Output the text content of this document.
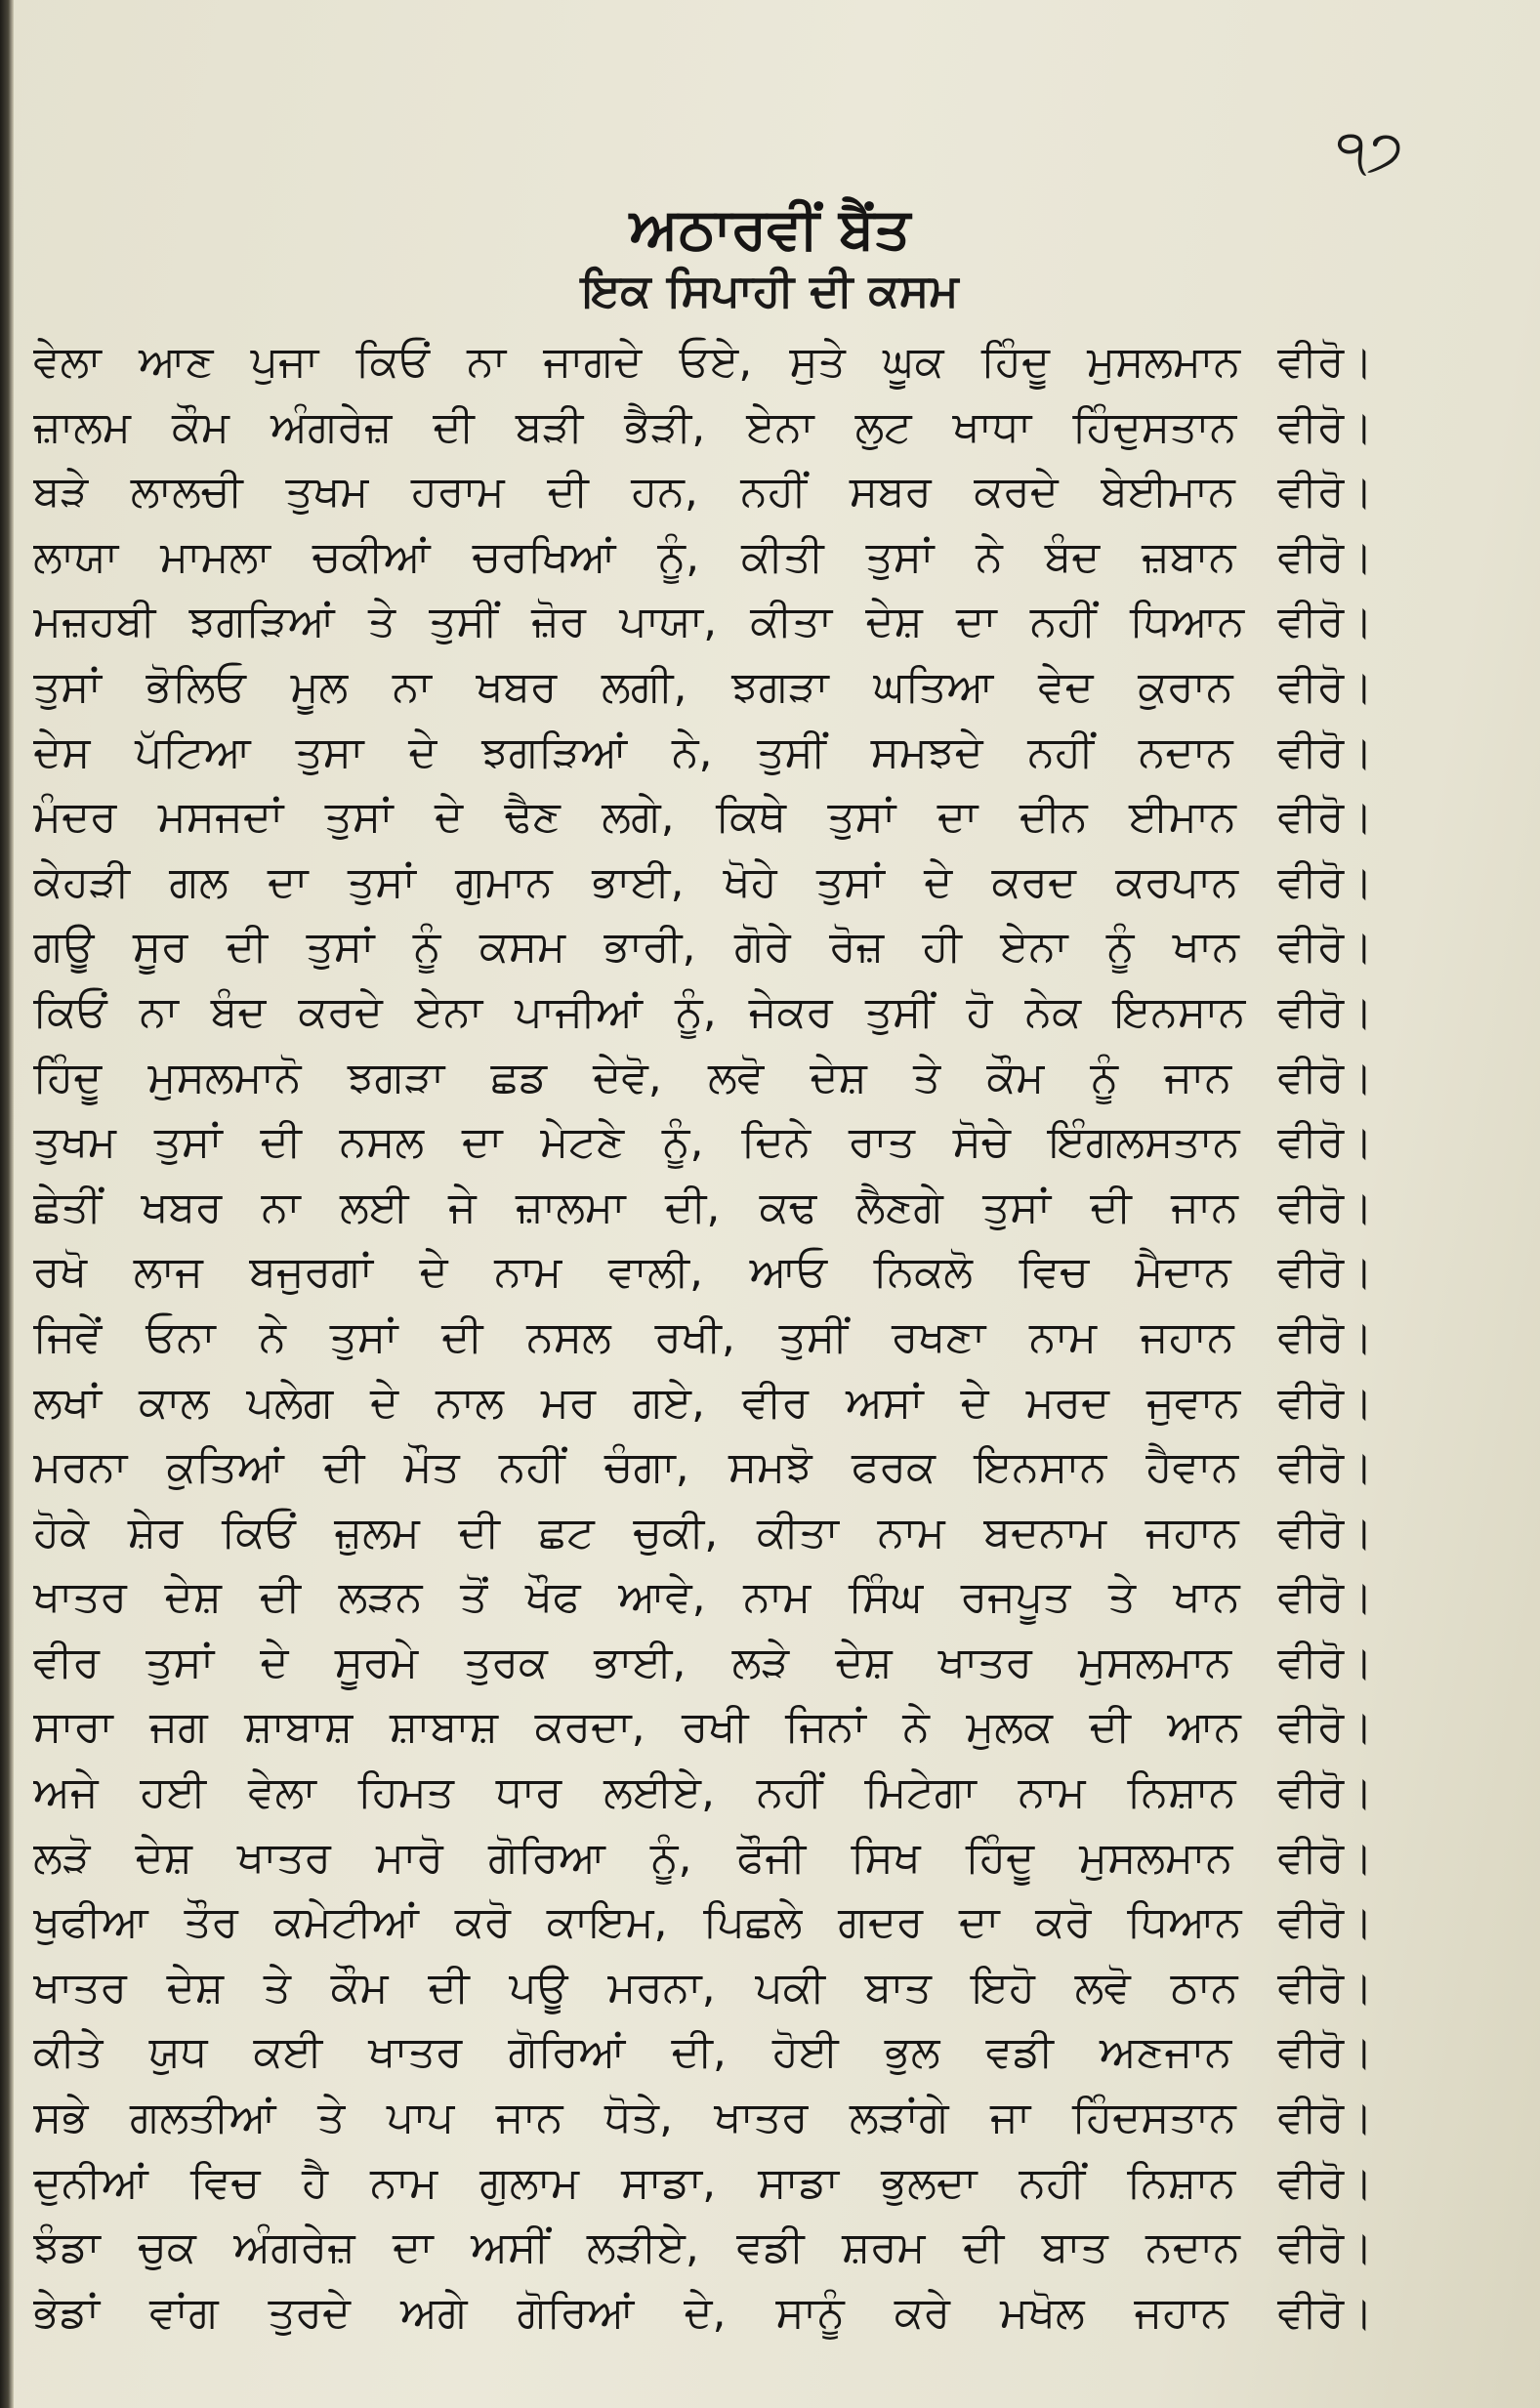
੧੭
ਅਠਾਰਵੀਂ ਬੈਂਤ
ਇਕ ਸਿਪਾਹੀ ਦੀ ਕਸਮ
ਵੇਲਾ ਆਣ ਪੁਜਾ ਕਿਓਂ ਨਾ ਜਾਗਦੇ ਓਏ, ਸੁਤੇ ਘੂਕ ਹਿੰਦੂ ਮੁਸਲਮਾਨ ਵੀਰੋ।
ਜ਼ਾਲਮ ਕੌਮ ਅੰਗਰੇਜ਼ ਦੀ ਬੜੀ ਭੈੜੀ, ਏਨਾ ਲੁਟ ਖਾਧਾ ਹਿੰਦੁਸਤਾਨ ਵੀਰੋ।
ਬੜੇ ਲਾਲਚੀ ਤੁਖਮ ਹਰਾਮ ਦੀ ਹਨ, ਨਹੀਂ ਸਬਰ ਕਰਦੇ ਬੇਈਮਾਨ ਵੀਰੋ।
ਲਾਯਾ ਮਾਮਲਾ ਚਕੀਆਂ ਚਰਖਿਆਂ ਨੂੰ, ਕੀਤੀ ਤੁਸਾਂ ਨੇ ਬੰਦ ਜ਼ਬਾਨ ਵੀਰੋ।
ਮਜ਼ਹਬੀ ਝਗੜਿਆਂ ਤੇ ਤੁਸੀਂ ਜ਼ੋਰ ਪਾਯਾ, ਕੀਤਾ ਦੇਸ਼ ਦਾ ਨਹੀਂ ਧਿਆਨ ਵੀਰੋ।
ਤੁਸਾਂ ਭੋਲਿਓ ਮੂਲ ਨਾ ਖਬਰ ਲਗੀ, ਝਗੜਾ ਘਤਿਆ ਵੇਦ ਕੁਰਾਨ ਵੀਰੋ।
ਦੇਸ ਪੱਟਿਆ ਤੁਸਾ ਦੇ ਝਗੜਿਆਂ ਨੇ, ਤੁਸੀਂ ਸਮਝਦੇ ਨਹੀਂ ਨਦਾਨ ਵੀਰੋ।
ਮੰਦਰ ਮਸਜਦਾਂ ਤੁਸਾਂ ਦੇ ਢੈਣ ਲਗੇ, ਕਿਥੇ ਤੁਸਾਂ ਦਾ ਦੀਨ ਈਮਾਨ ਵੀਰੋ।
ਕੇਹੜੀ ਗਲ ਦਾ ਤੁਸਾਂ ਗੁਮਾਨ ਭਾਈ, ਖੋਹੇ ਤੁਸਾਂ ਦੇ ਕਰਦ ਕਰਪਾਨ ਵੀਰੋ।
ਗਊ ਸੂਰ ਦੀ ਤੁਸਾਂ ਨੂੰ ਕਸਮ ਭਾਰੀ, ਗੋਰੇ ਰੋਜ਼ ਹੀ ਏਨਾ ਨੂੰ ਖਾਨ ਵੀਰੋ।
ਕਿਓਂ ਨਾ ਬੰਦ ਕਰਦੇ ਏਨਾ ਪਾਜੀਆਂ ਨੂੰ, ਜੇਕਰ ਤੁਸੀਂ ਹੋ ਨੇਕ ਇਨਸਾਨ ਵੀਰੋ।
ਹਿੰਦੂ ਮੁਸਲਮਾਨੋ ਝਗੜਾ ਛਡ ਦੇਵੋ, ਲਵੋ ਦੇਸ਼ ਤੇ ਕੌਮ ਨੂੰ ਜਾਨ ਵੀਰੋ।
ਤੁਖਮ ਤੁਸਾਂ ਦੀ ਨਸਲ ਦਾ ਮੇਟਣੇ ਨੂੰ, ਦਿਨੇ ਰਾਤ ਸੋਚੇ ਇੰਗਲਸਤਾਨ ਵੀਰੋ।
ਛੇਤੀਂ ਖਬਰ ਨਾ ਲਈ ਜੇ ਜ਼ਾਲਮਾ ਦੀ, ਕਢ ਲੈਣਗੇ ਤੁਸਾਂ ਦੀ ਜਾਨ ਵੀਰੋ।
ਰਖੋ ਲਾਜ ਬਜੁਰਗਾਂ ਦੇ ਨਾਮ ਵਾਲੀ, ਆਓ ਨਿਕਲੋ ਵਿਚ ਮੈਦਾਨ ਵੀਰੋ।
ਜਿਵੇਂ ਓਨਾ ਨੇ ਤੁਸਾਂ ਦੀ ਨਸਲ ਰਖੀ, ਤੁਸੀਂ ਰਖਣਾ ਨਾਮ ਜਹਾਨ ਵੀਰੋ।
ਲਖਾਂ ਕਾਲ ਪਲੇਗ ਦੇ ਨਾਲ ਮਰ ਗਏ, ਵੀਰ ਅਸਾਂ ਦੇ ਮਰਦ ਜੁਵਾਨ ਵੀਰੋ।
ਮਰਨਾ ਕੁਤਿਆਂ ਦੀ ਮੌਤ ਨਹੀਂ ਚੰਗਾ, ਸਮਝੋ ਫਰਕ ਇਨਸਾਨ ਹੈਵਾਨ ਵੀਰੋ।
ਹੋਕੇ ਸ਼ੇਰ ਕਿਓਂ ਜ਼ੁਲਮ ਦੀ ਛਟ ਚੁਕੀ, ਕੀਤਾ ਨਾਮ ਬਦਨਾਮ ਜਹਾਨ ਵੀਰੋ।
ਖਾਤਰ ਦੇਸ਼ ਦੀ ਲੜਨ ਤੋਂ ਖੌਫ ਆਵੇ, ਨਾਮ ਸਿੰਘ ਰਜਪੂਤ ਤੇ ਖਾਨ ਵੀਰੋ।
ਵੀਰ ਤੁਸਾਂ ਦੇ ਸੂਰਮੇ ਤੁਰਕ ਭਾਈ, ਲੜੇ ਦੇਸ਼ ਖਾਤਰ ਮੁਸਲਮਾਨ ਵੀਰੋ।
ਸਾਰਾ ਜਗ ਸ਼ਾਬਾਸ਼ ਸ਼ਾਬਾਸ਼ ਕਰਦਾ, ਰਖੀ ਜਿਨਾਂ ਨੇ ਮੁਲਕ ਦੀ ਆਨ ਵੀਰੋ।
ਅਜੇ ਹਈ ਵੇਲਾ ਹਿਮਤ ਧਾਰ ਲਈਏ, ਨਹੀਂ ਮਿਟੇਗਾ ਨਾਮ ਨਿਸ਼ਾਨ ਵੀਰੋ।
ਲੜੋ ਦੇਸ਼ ਖਾਤਰ ਮਾਰੋ ਗੋਰਿਆ ਨੂੰ, ਫੌਜੀ ਸਿਖ ਹਿੰਦੂ ਮੁਸਲਮਾਨ ਵੀਰੋ।
ਖੁਫੀਆ ਤੌਰ ਕਮੇਟੀਆਂ ਕਰੋ ਕਾਇਮ, ਪਿਛਲੇ ਗਦਰ ਦਾ ਕਰੋ ਧਿਆਨ ਵੀਰੋ।
ਖਾਤਰ ਦੇਸ਼ ਤੇ ਕੌਮ ਦੀ ਪਊ ਮਰਨਾ, ਪਕੀ ਬਾਤ ਇਹੋ ਲਵੋ ਠਾਨ ਵੀਰੋ।
ਕੀਤੇ ਯੁਧ ਕਈ ਖਾਤਰ ਗੋਰਿਆਂ ਦੀ, ਹੋਈ ਭੁਲ ਵਡੀ ਅਣਜਾਨ ਵੀਰੋ।
ਸਭੇ ਗਲਤੀਆਂ ਤੇ ਪਾਪ ਜਾਨ ਧੋਤੇ, ਖਾਤਰ ਲੜਾਂਗੇ ਜਾ ਹਿੰਦਸਤਾਨ ਵੀਰੋ।
ਦੁਨੀਆਂ ਵਿਚ ਹੈ ਨਾਮ ਗੁਲਾਮ ਸਾਡਾ, ਸਾਡਾ ਭੁਲਦਾ ਨਹੀਂ ਨਿਸ਼ਾਨ ਵੀਰੋ।
ਝੰਡਾ ਚੁਕ ਅੰਗਰੇਜ਼ ਦਾ ਅਸੀਂ ਲੜੀਏ, ਵਡੀ ਸ਼ਰਮ ਦੀ ਬਾਤ ਨਦਾਨ ਵੀਰੋ।
ਭੇਡਾਂ ਵਾਂਗ ਤੁਰਦੇ ਅਗੇ ਗੋਰਿਆਂ ਦੇ, ਸਾਨੂੰ ਕਰੇ ਮਖੋਲ ਜਹਾਨ ਵੀਰੋ।
